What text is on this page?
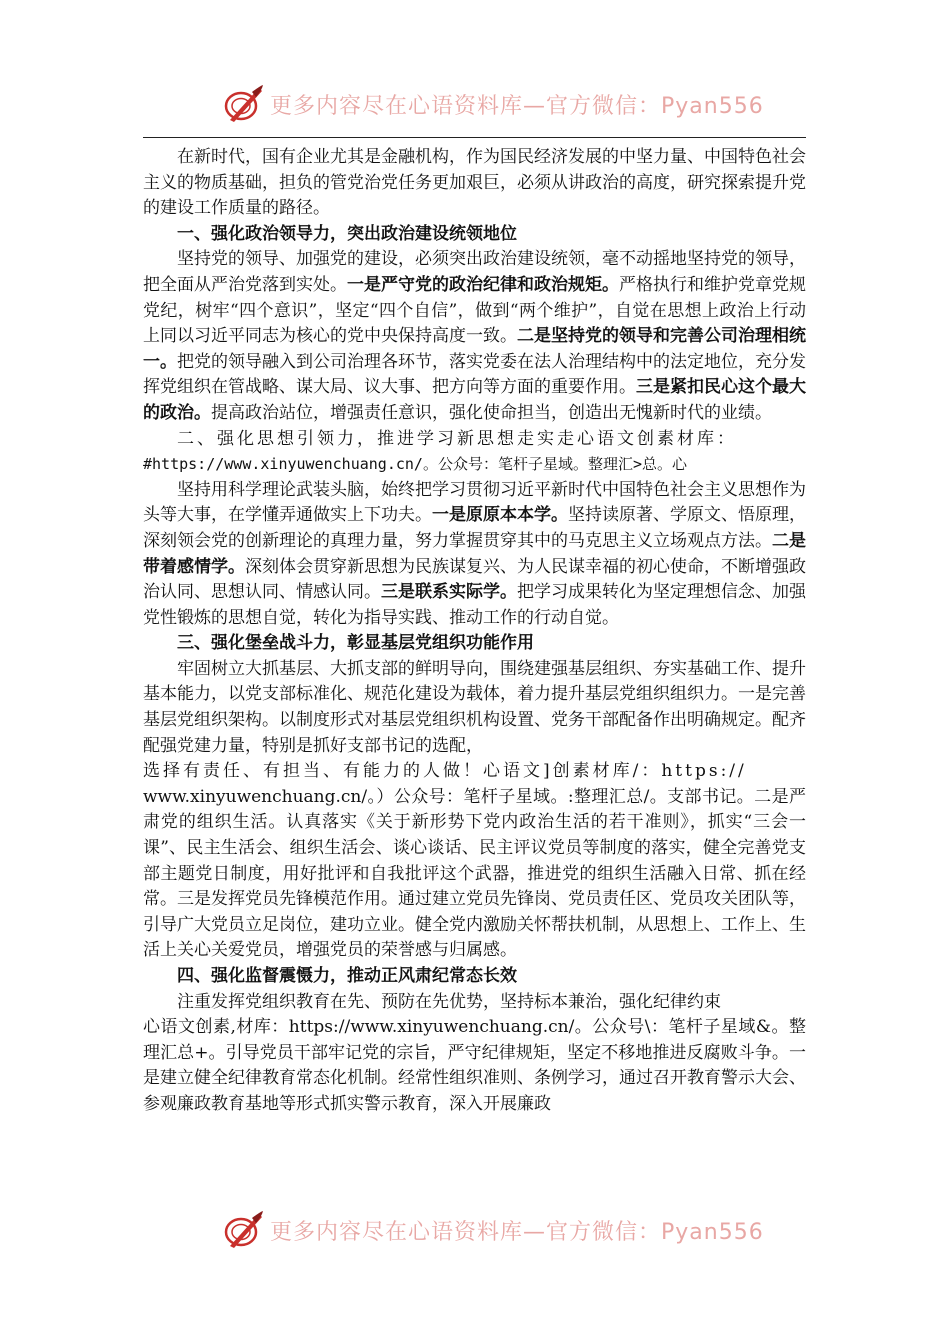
更多内容尽在心语资料库—官方微信：Pyan556

在新时代，国有企业尤其是金融机构，作为国民经济发展的中坚力量、中国特色社会主义的物质基础，担负的管党治党任务更加艰巨，必须从讲政治的高度，研究探索提升党的建设工作质量的路径。

一、强化政治领导力，突出政治建设统领地位

坚持党的领导、加强党的建设，必须突出政治建设统领，毫不动摇地坚持党的领导，把全面从严治党落到实处。一是严守党的政治纪律和政治规矩。严格执行和维护党章党规党纪，树牢“四个意识”，坚定“四个自信”，做到“两个维护”，自觉在思想上政治上行动上同以习近平同志为核心的党中央保持高度一致。二是坚持党的领导和完善公司治理相统一。把党的领导融入到公司治理各环节，落实党委在法人治理结构中的法定地位，充分发挥党组织在管战略、谋大局、议大事、把方向等方面的重要作用。三是紧扣民心这个最大的政治。提高政治站位，增强责任意识，强化使命担当，创造出无愧新时代的业绩。

二、强化思想引领力，推进学习新思想走实走心语文创素材库：

#https://www.xinyuwenchuang.cn/。公众号：笔杆子星域。整理汇>总。心

坚持用科学理论武装头脑，始终把学习贯彻习近平新时代中国特色社会主义思想作为头等大事，在学懂弄通做实上下功夫。一是原原本本学。坚持读原著、学原文、悟原理，深刻领会党的创新理论的真理力量，努力掌握贯穿其中的马克思主义立场观点方法。二是带着感情学。深刻体会贯穿新思想为民族谋复兴、为人民谋幸福的初心使命，不断增强政治认同、思想认同、情感认同。三是联系实际学。把学习成果转化为坚定理想信念、加强党性锻炼的思想自觉，转化为指导实践、推动工作的行动自觉。

三、强化堡垒战斗力，彰显基层党组织功能作用

牢固树立大抓基层、大抓支部的鲜明导向，围绕建强基层组织、夯实基础工作、提升基本能力，以党支部标准化、规范化建设为载体，着力提升基层党组织组织力。一是完善基层党组织架构。以制度形式对基层党组织机构设置、党务干部配备作出明确规定。配齐配强党建力量，特别是抓好支部书记的选配，

选择有责任、有担当、有能力的人做！心语文]创素材库/：https://

www.xinyuwenchuang.cn/。）公众号：笔杆子星域。:整理汇总/。支部书记。二是严肃党的组织生活。认真落实《关于新形势下党内政治生活的若干准则》，抓实“三会一课”、民主生活会、组织生活会、谈心谈话、民主评议党员等制度的落实，健全完善党支部主题党日制度，用好批评和自我批评这个武器，推进党的组织生活融入日常、抓在经常。三是发挥党员先锋模范作用。通过建立党员先锋岗、党员责任区、党员攻关团队等，引导广大党员立足岗位，建功立业。健全党内激励关怀帮扶机制，从思想上、工作上、生活上关心关爱党员，增强党员的荣誉感与归属感。

四、强化监督震慑力，推动正风肃纪常态长效

注重发挥党组织教育在先、预防在先优势，坚持标本兼治，强化纪律约束

心语文创素,材库：https://www.xinyuwenchuang.cn/。公众号\：笔杆子星域&。整理汇总+。引导党员干部牢记党的宗旨，严守纪律规矩，坚定不移地推进反腐败斗争。一是建立健全纪律教育常态化机制。经常性组织准则、条例学习，通过召开教育警示大会、参观廉政教育基地等形式抓实警示教育，深入开展廉政

更多内容尽在心语资料库—官方微信：Pyan556
